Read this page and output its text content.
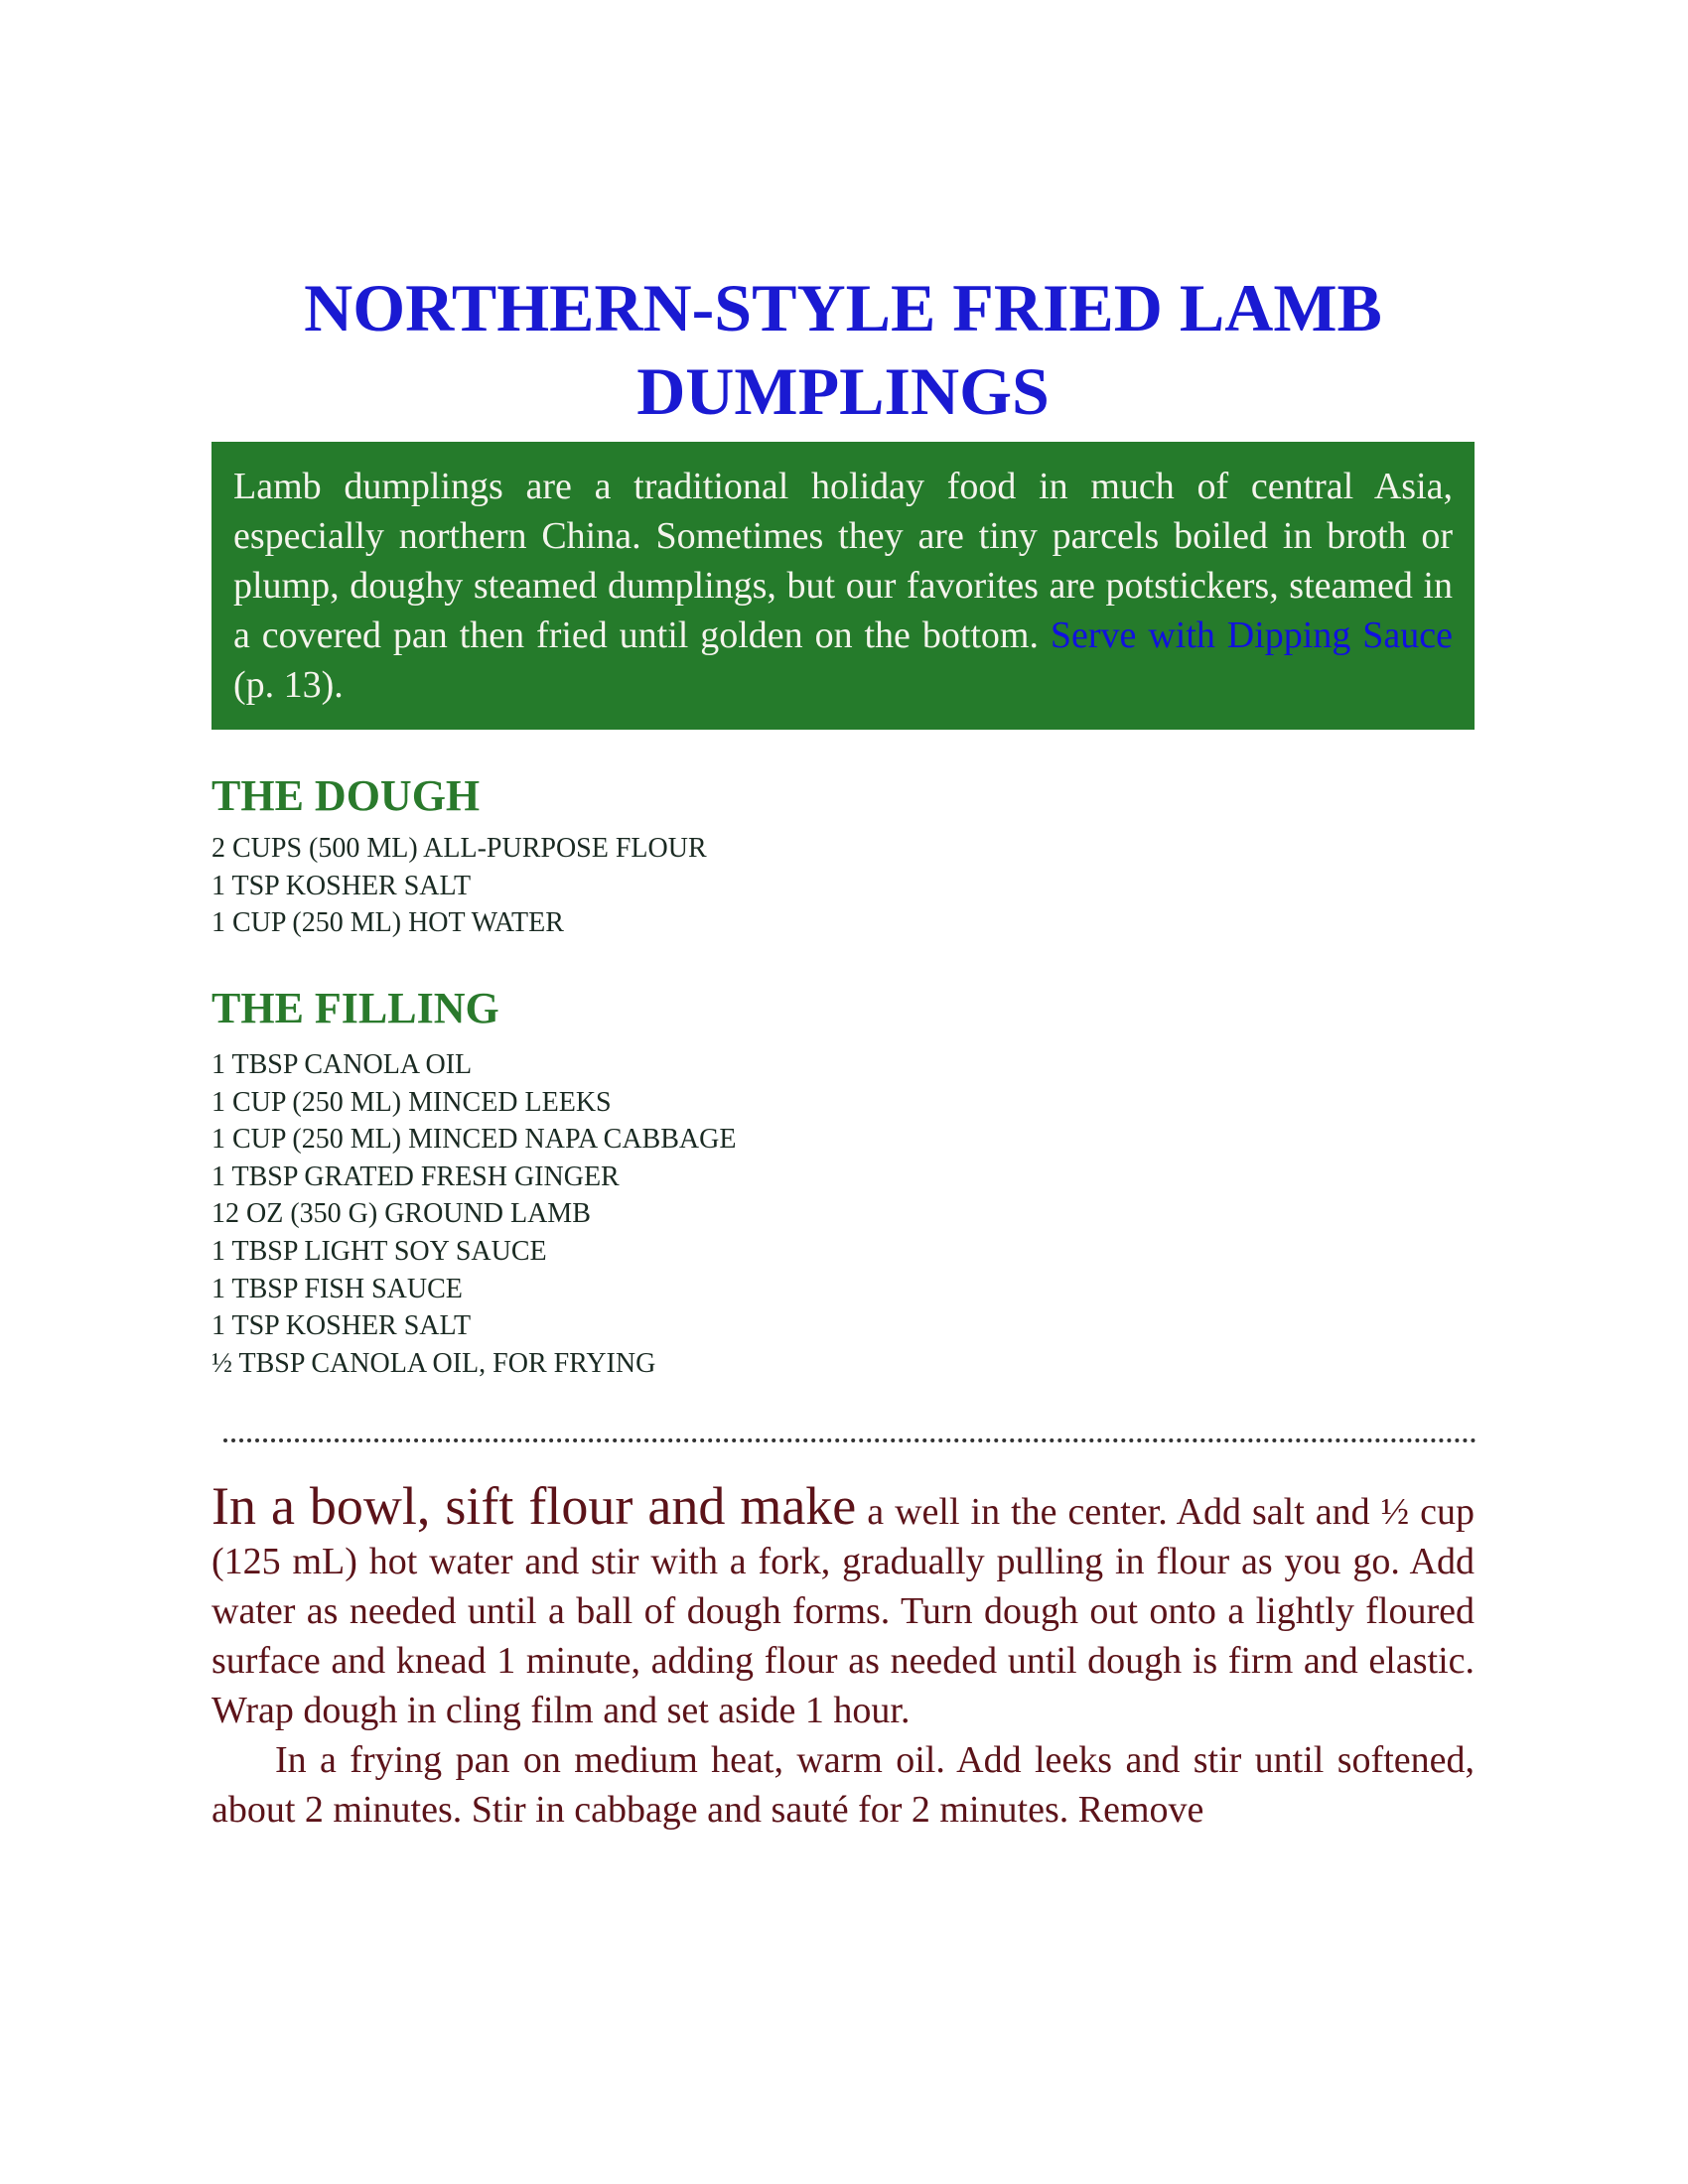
NORTHERN-STYLE FRIED LAMB DUMPLINGS
Lamb dumplings are a traditional holiday food in much of central Asia, especially northern China. Sometimes they are tiny parcels boiled in broth or plump, doughy steamed dumplings, but our favorites are potstickers, steamed in a covered pan then fried until golden on the bottom. Serve with Dipping Sauce (p. 13).
THE DOUGH
2 CUPS (500 ML) ALL-PURPOSE FLOUR
1 TSP KOSHER SALT
1 CUP (250 ML) HOT WATER
THE FILLING
1 TBSP CANOLA OIL
1 CUP (250 ML) MINCED LEEKS
1 CUP (250 ML) MINCED NAPA CABBAGE
1 TBSP GRATED FRESH GINGER
12 OZ (350 G) GROUND LAMB
1 TBSP LIGHT SOY SAUCE
1 TBSP FISH SAUCE
1 TSP KOSHER SALT
½ TBSP CANOLA OIL, FOR FRYING

In a bowl, sift flour and make a well in the center. Add salt and ½ cup (125 mL) hot water and stir with a fork, gradually pulling in flour as you go. Add water as needed until a ball of dough forms. Turn dough out onto a lightly floured surface and knead 1 minute, adding flour as needed until dough is firm and elastic. Wrap dough in cling film and set aside 1 hour.

In a frying pan on medium heat, warm oil. Add leeks and stir until softened, about 2 minutes. Stir in cabbage and sauté for 2 minutes. Remove
